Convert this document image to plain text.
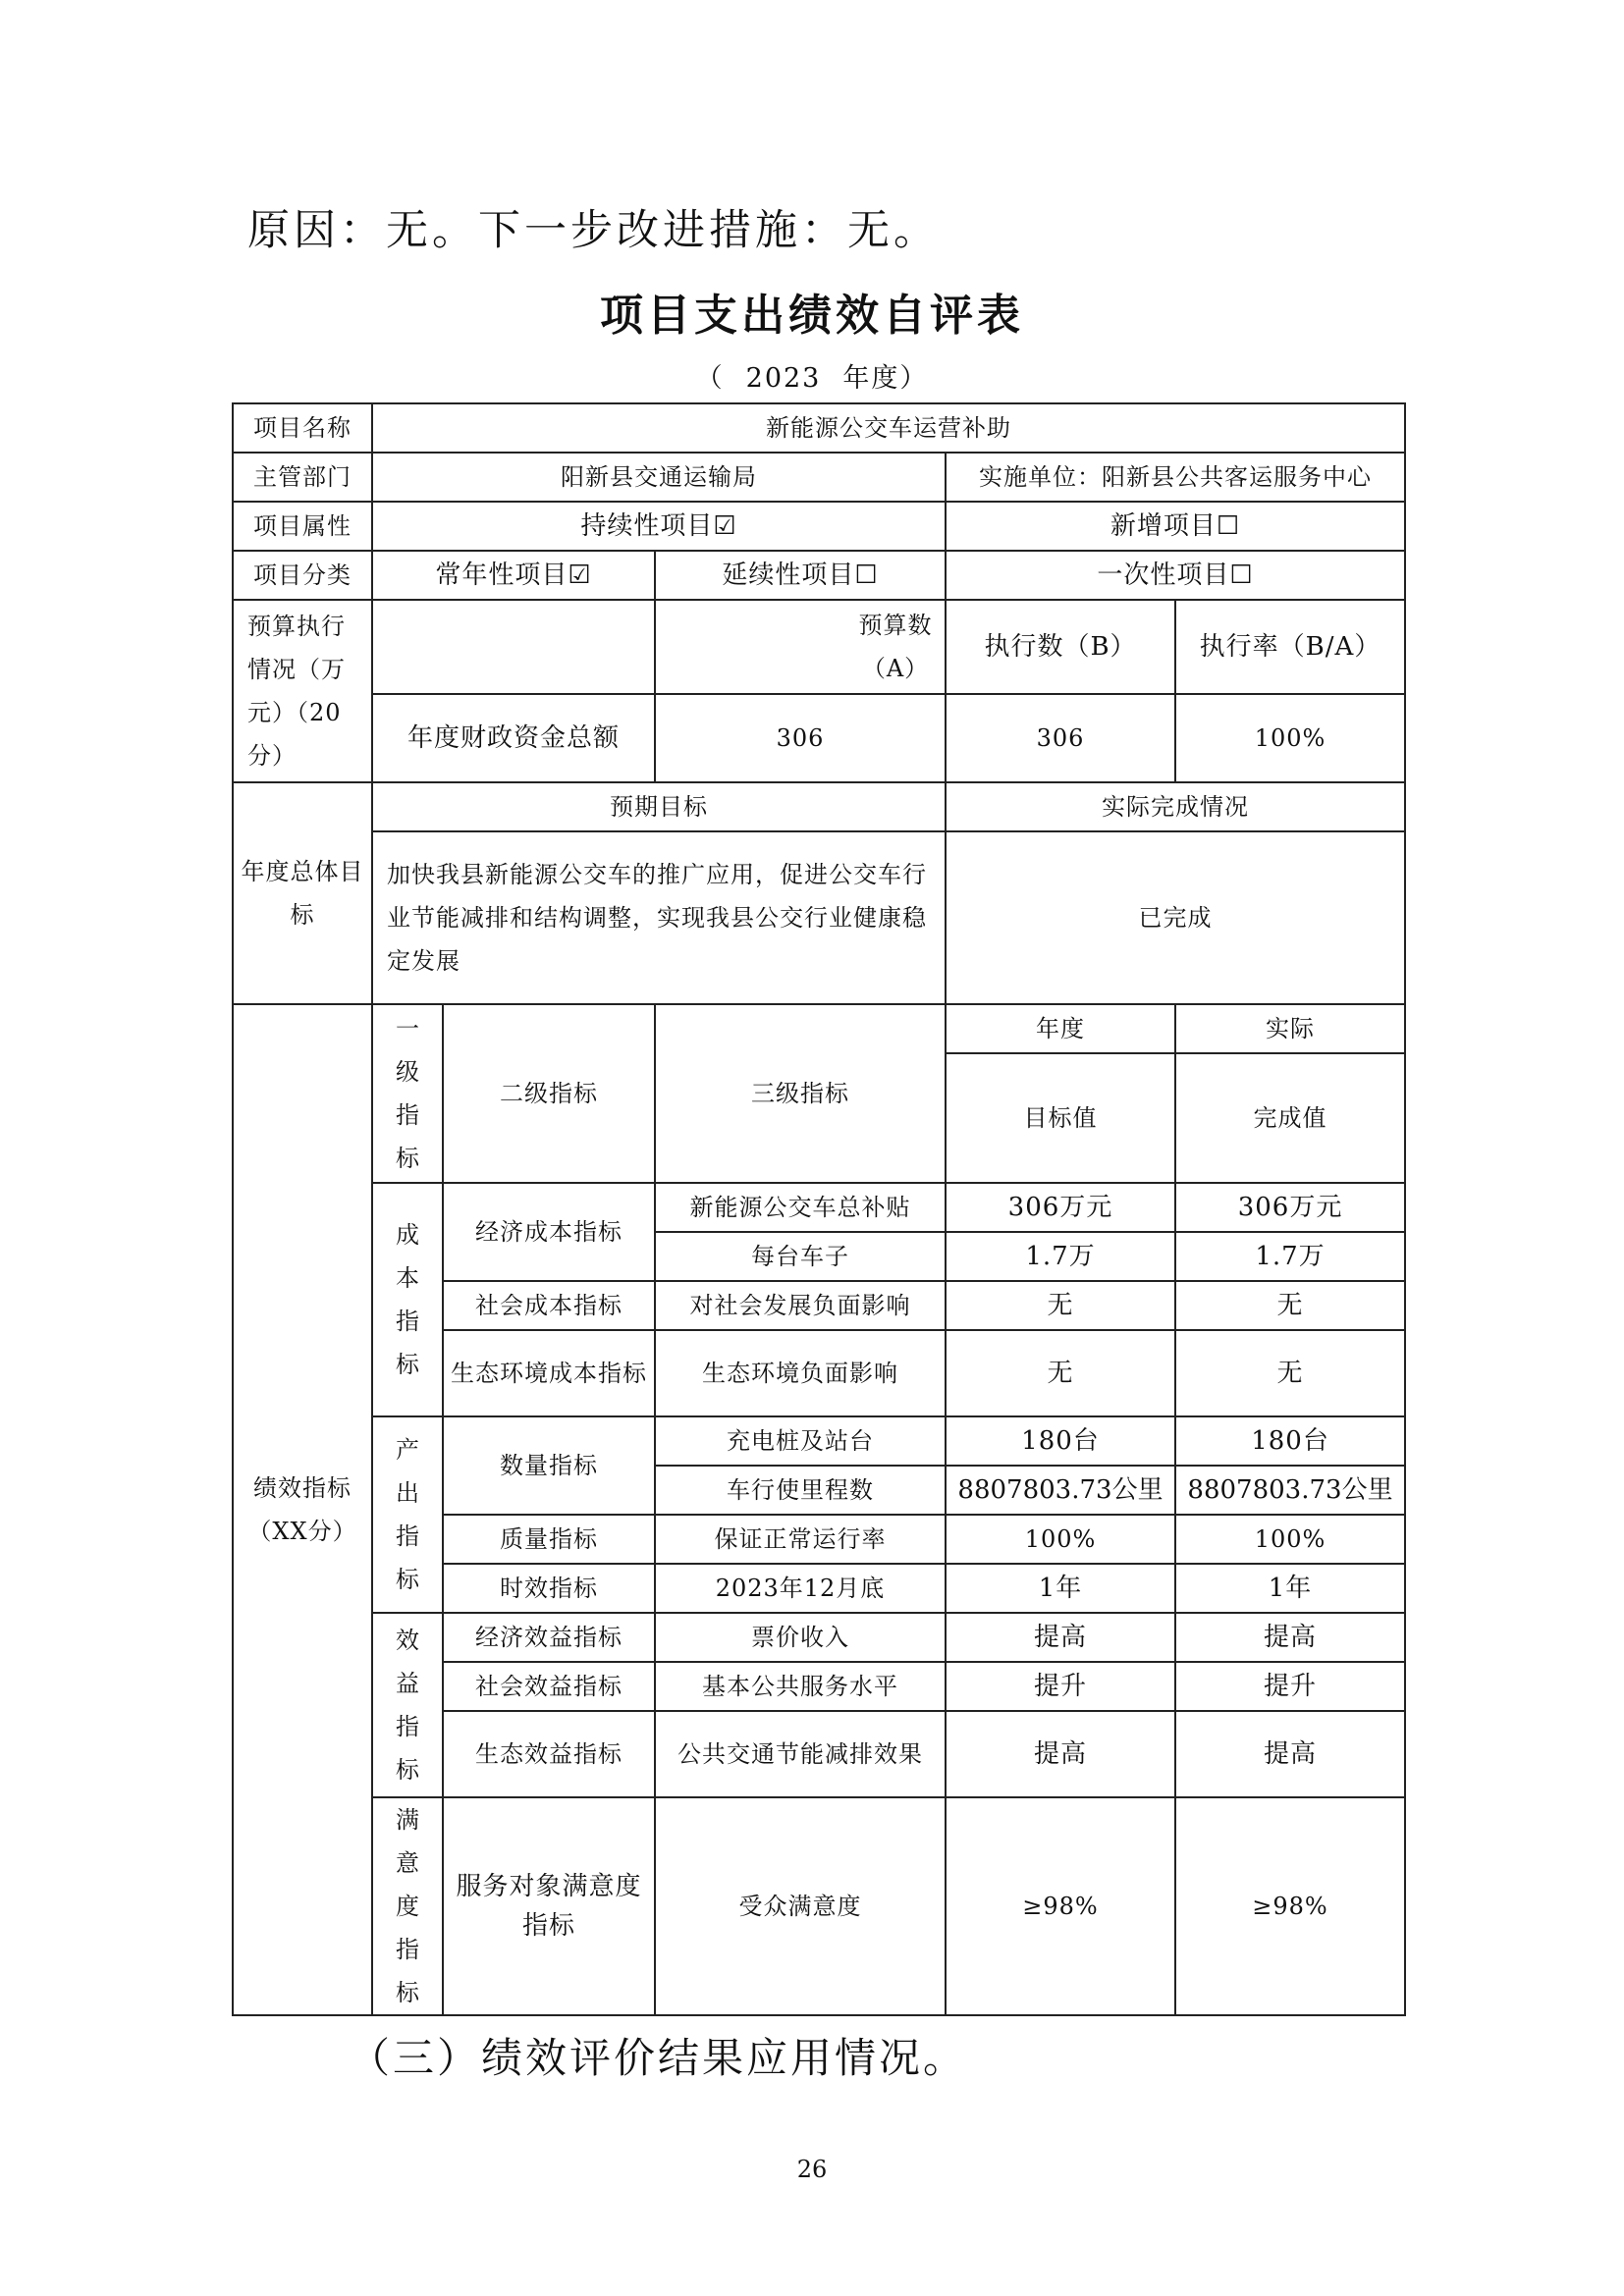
原因：无。下一步改进措施：无。
项目支出绩效自评表
（ 2023 年度）
项目名称	新能源公交车运营补助				
主管部门	阳新县交通运输局			实施单位：阳新县公共客运服务中心	
项目属性	持续性项目☑			新增项目☐	
项目分类	常年性项目☑		延续性项目☐	一次性项目☐	
预算执行情况（万元）（20分）			预算数（A）	执行数（B）	执行率（B/A）
	年度财政资金总额		306	306	100%
年度总体目标	预期目标			实际完成情况	
	加快我县新能源公交车的推广应用，促进公交车行业节能减排和结构调整，实现我县公交行业健康稳定发展			已完成	

绩效指标
（XX分）	一级指标	二级指标	三级指标	年度	实际
				目标值	完成值

	成本指标	经济成本指标	新能源公交车总补贴	306万元	306万元
			每台车子	1.7万	1.7万
		社会成本指标	对社会发展负面影响	无	无
		生态环境成本指标	生态环境负面影响	无	无

	产出指标	数量指标	充电桩及站台	180台	180台
			车行使里程数	8807803.73公里	8807803.73公里
		质量指标	保证正常运行率	100%	100%
		时效指标	2023年12月底	1年	1年

	效益指标	经济效益指标	票价收入	提高	提高
		社会效益指标	基本公共服务水平	提升	提升
		生态效益指标	公共交通节能减排效果	提高	提高

	满意度指标	服务对象满意度指标	受众满意度	≥98%	≥98%
（三）绩效评价结果应用情况。
26
